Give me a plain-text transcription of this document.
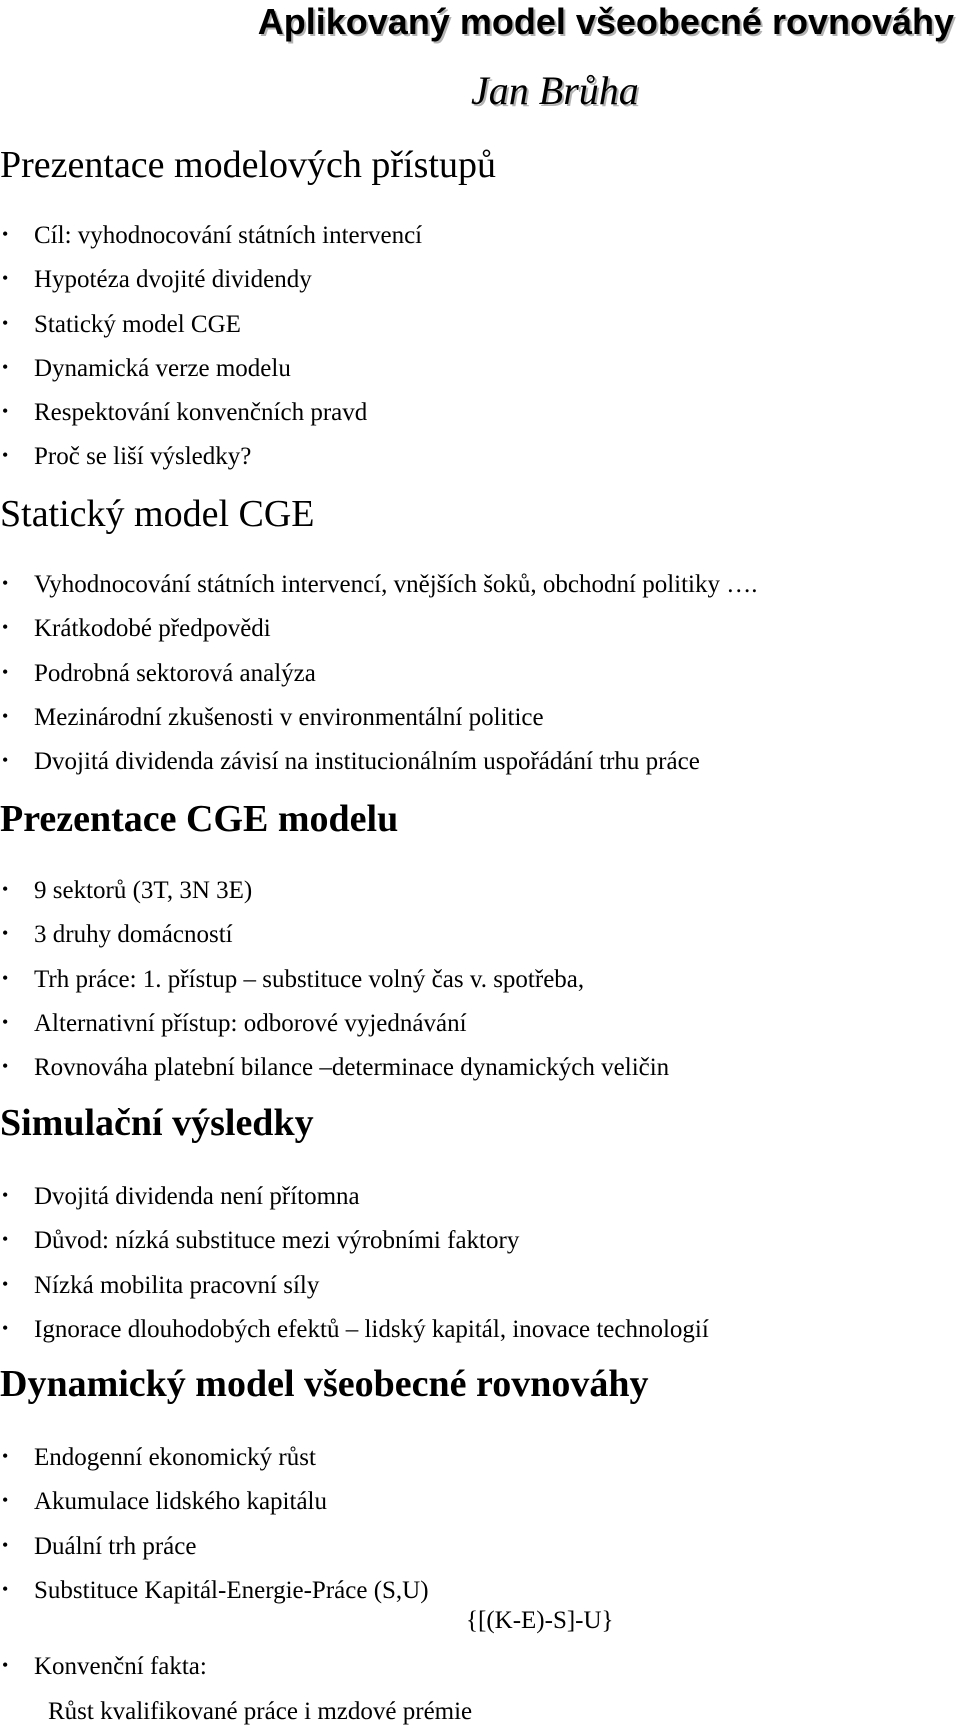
Aplikovaný model všeobecné rovnováhy
Jan Brůha
Prezentace modelových přístupů
• Cíl: vyhodnocování státních intervencí
• Hypotéza dvojité dividendy
• Statický model CGE
• Dynamická verze modelu
• Respektování konvenčních pravd
• Proč se liší výsledky?
Statický model CGE
• Vyhodnocování státních intervencí, vnějších šoků, obchodní politiky ….
• Krátkodobé předpovědi
• Podrobná sektorová analýza
• Mezinárodní zkušenosti v environmentální politice
• Dvojitá dividenda závisí na institucionálním uspořádání trhu práce
Prezentace CGE modelu
• 9 sektorů (3T, 3N 3E)
• 3 druhy domácností
• Trh práce: 1. přístup – substituce volný čas v. spotřeba,
• Alternativní přístup: odborové vyjednávání
• Rovnováha platební bilance –determinace dynamických veličin
Simulační výsledky
• Dvojitá dividenda není přítomna
• Důvod: nízká substituce mezi výrobními faktory
• Nízká mobilita pracovní síly
• Ignorace dlouhodobých efektů – lidský kapitál, inovace technologií
Dynamický model všeobecné rovnováhy
• Endogenní ekonomický růst
• Akumulace lidského kapitálu
• Duální trh práce
• Substituce Kapitál-Energie-Práce (S,U)
{[(K-E)-S]-U}
• Konvenční fakta:
Růst kvalifikované práce i mzdové prémie
